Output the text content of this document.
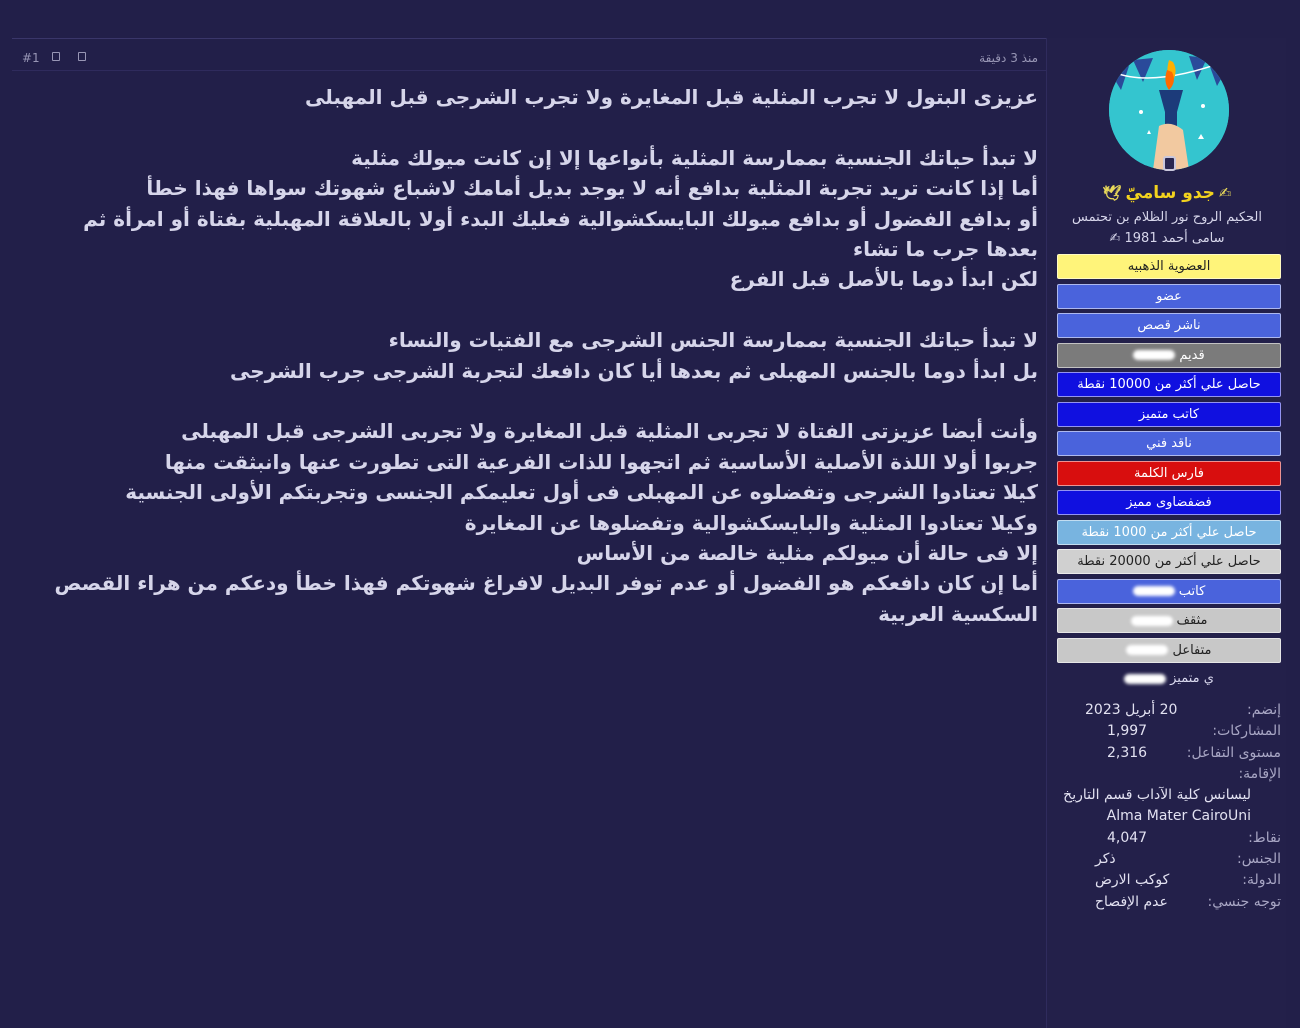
#1	منذ 3 دقيقة

عزيزى البتول لا تجرب المثلية قبل المغايرة ولا تجرب الشرجى قبل المهبلى

لا تبدأ حياتك الجنسية بممارسة المثلية بأنواعها إلا إن كانت ميولك مثلية
أما إذا كانت تريد تجربة المثلية بدافع أنه لا يوجد بديل أمامك لاشباع شهوتك سواها فهذا خطأ
أو بدافع الفضول أو بدافع ميولك البايسكشوالية فعليك البدء أولا بالعلاقة المهبلية بفتاة أو امرأة ثم بعدها جرب ما تشاء
لكن ابدأ دوما بالأصل قبل الفرع

لا تبدأ حياتك الجنسية بممارسة الجنس الشرجى مع الفتيات والنساء
بل ابدأ دوما بالجنس المهبلى ثم بعدها أيا كان دافعك لتجربة الشرجى جرب الشرجى

وأنت أيضا عزيزتى الفتاة لا تجربى المثلية قبل المغايرة ولا تجربى الشرجى قبل المهبلى
جربوا أولا اللذة الأصلية الأساسية ثم اتجهوا للذات الفرعية التى تطورت عنها وانبثقت منها
كيلا تعتادوا الشرجى وتفضلوه عن المهبلى فى أول تعليمكم الجنسى وتجربتكم الأولى الجنسية
وكيلا تعتادوا المثلية والبايسكشوالية وتفضلوها عن المغايرة
إلا فى حالة أن ميولكم مثلية خالصة من الأساس
أما إن كان دافعكم هو الفضول أو عدم توفر البديل لافراغ شهوتكم فهذا خطأ ودعكم من هراء القصص السكسية العربية

✍جدو ساميّ🕊
الحكيم الروح نور الظلام بن تحتمس
سامى أحمد 1981 ✍
العضوية الذهبيه
عضو
ناشر قصص
قديم
حاصل علي أكثر من 10000 نقطة
كاتب متميز
ناقد فني
فارس الكلمة
فضفضاوى مميز
حاصل علي أكثر من 1000 نقطة
حاصل علي أكثر من 20000 نقطة
كاتب
مثقف
متفاعل
ي متميز
إنضم:
20 أبريل 2023
المشاركات:
1,997
مستوى التفاعل:
2,316
الإقامة:
ليسانس كلية الآداب قسم التاريخ
Alma Mater CairoUni
نقاط:
4,047
الجنس:
ذكر
الدولة:
كوكب الارض
توجه جنسي:
عدم الإفصاح
